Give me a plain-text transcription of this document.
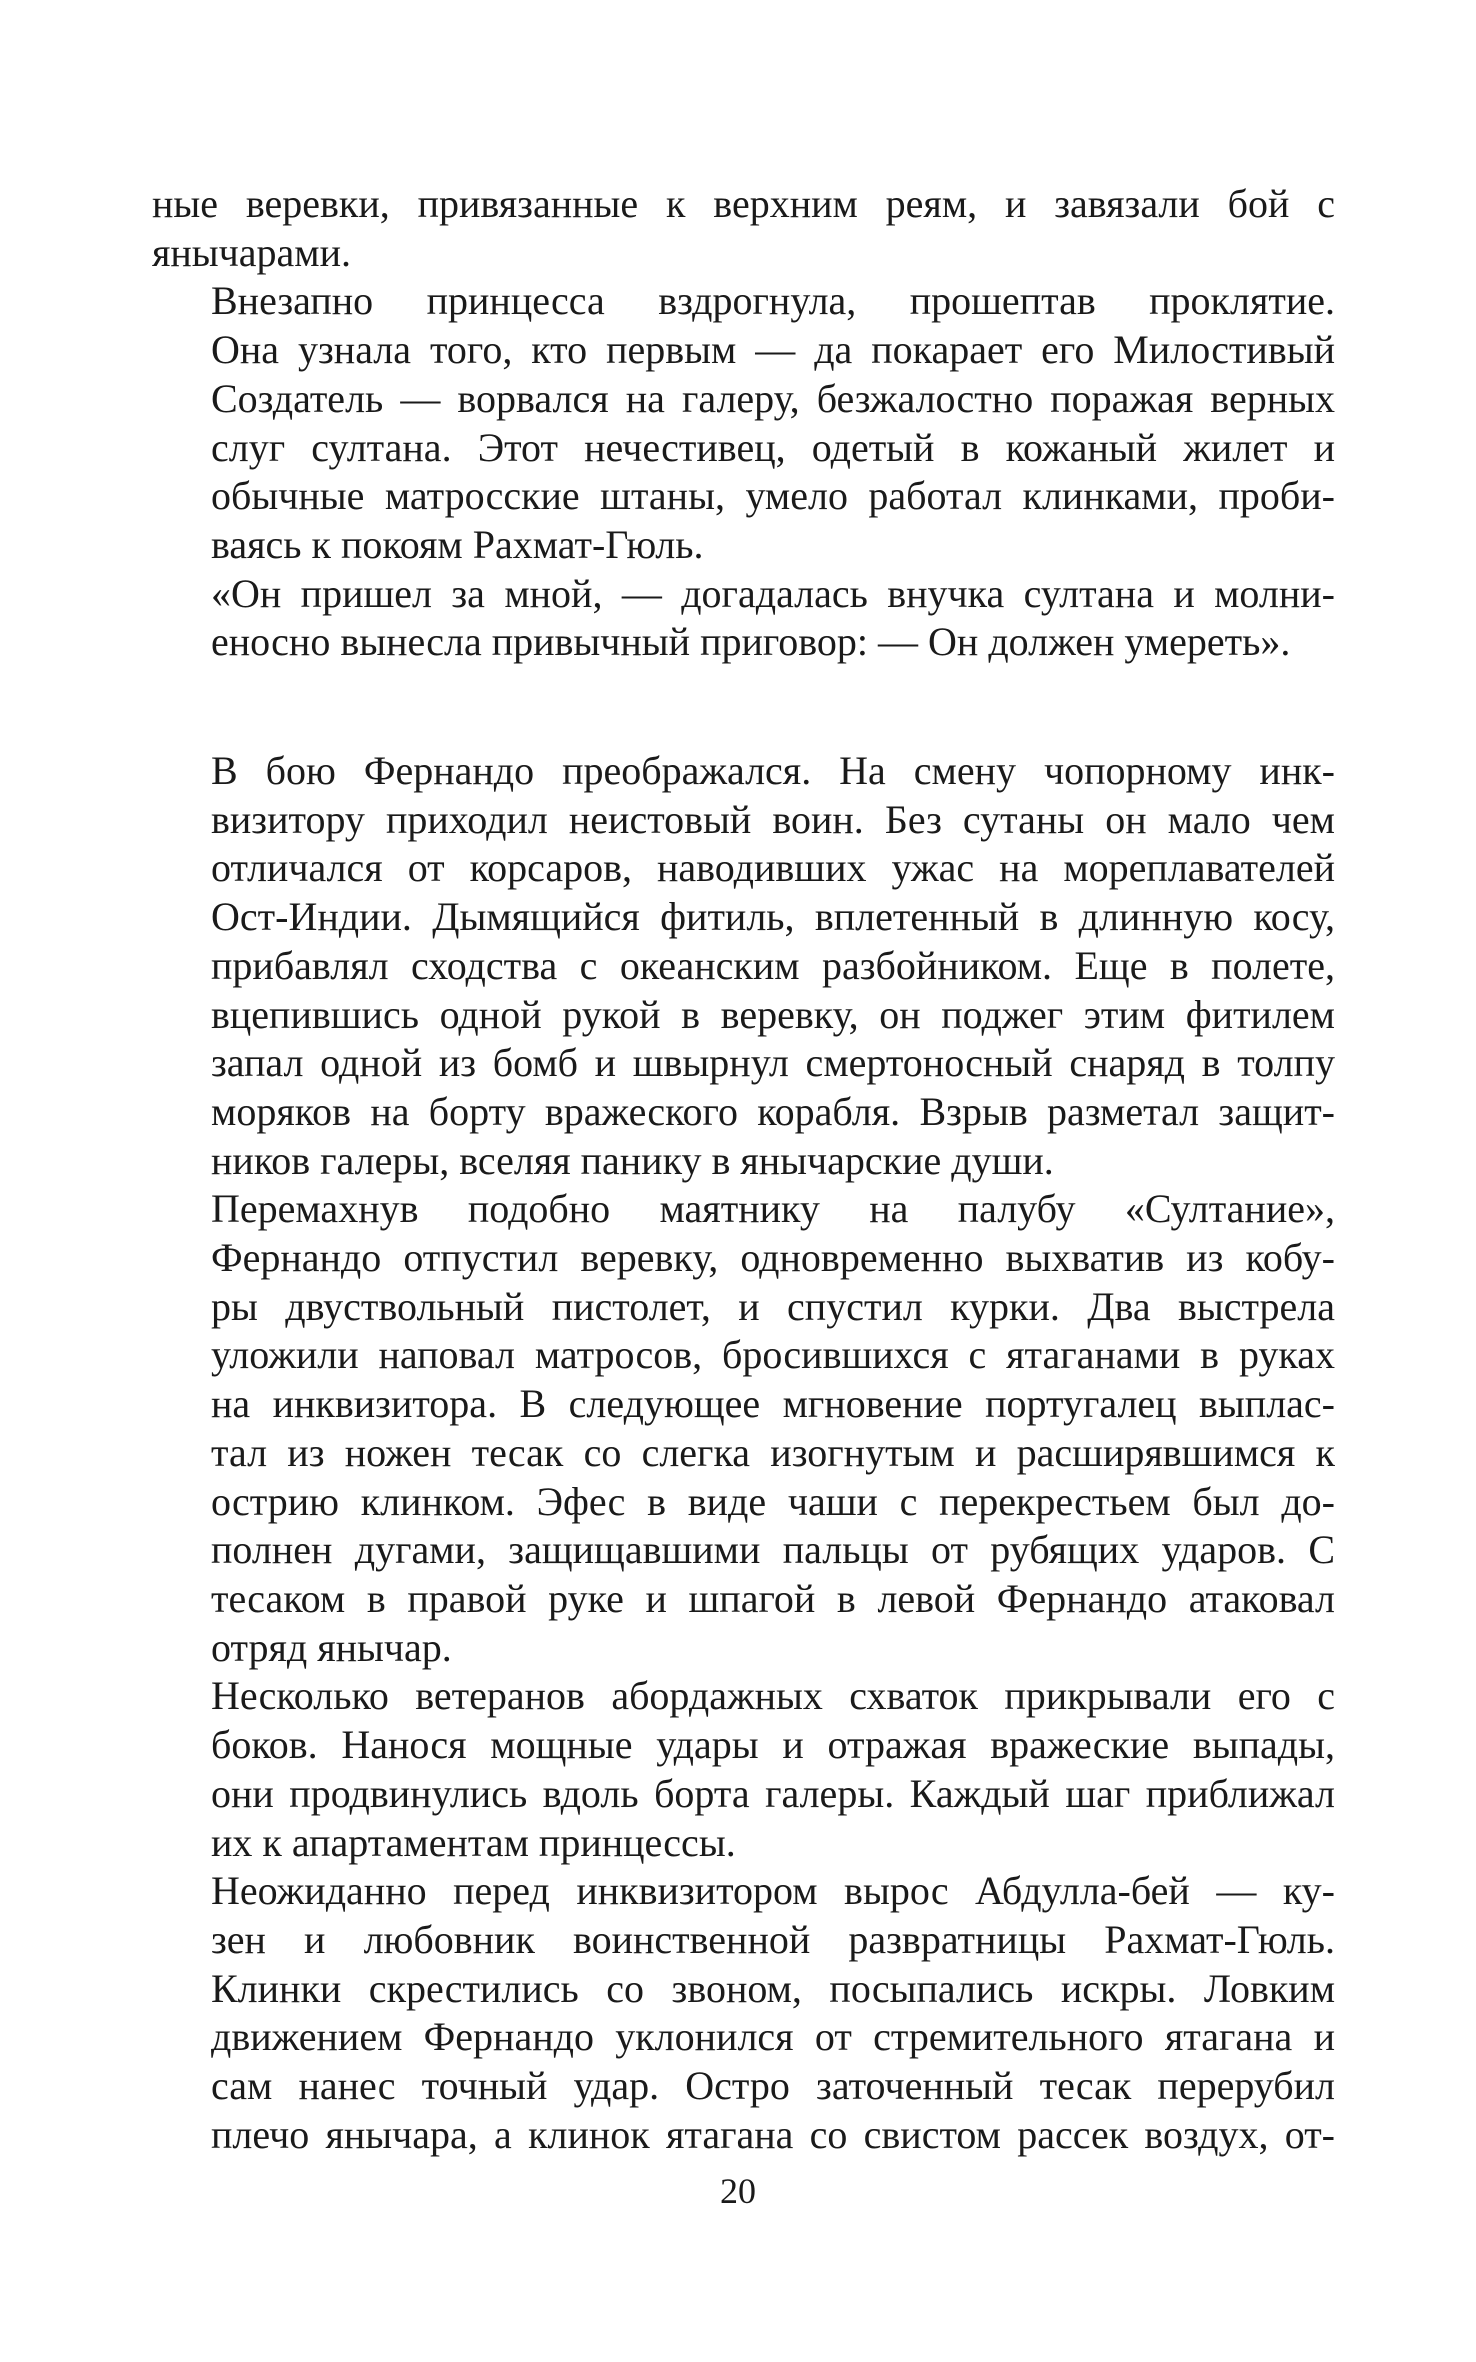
ные веревки, привязанные к верхним реям, и завязали бой с
янычарами.

Внезапно принцесса вздрогнула, прошептав проклятие.
Она узнала того, кто первым — да покарает его Милостивый
Создатель — ворвался на галеру, безжалостно поражая верных
слуг султана. Этот нечестивец, одетый в кожаный жилет и
обычные матросские штаны, умело работал клинками, проби-
ваясь к покоям Рахмат-Гюль.

«Он пришел за мной, — догадалась внучка султана и молни-
еносно вынесла привычный приговор: — Он должен умереть».

В бою Фернандо преображался. На смену чопорному инк-
визитору приходил неистовый воин. Без сутаны он мало чем
отличался от корсаров, наводивших ужас на мореплавателей
Ост-Индии. Дымящийся фитиль, вплетенный в длинную косу,
прибавлял сходства с океанским разбойником. Еще в полете,
вцепившись одной рукой в веревку, он поджег этим фитилем
запал одной из бомб и швырнул смертоносный снаряд в толпу
моряков на борту вражеского корабля. Взрыв разметал защит-
ников галеры, вселяя панику в янычарские души.

Перемахнув подобно маятнику на палубу «Султание»,
Фернандо отпустил веревку, одновременно выхватив из кобу-
ры двуствольный пистолет, и спустил курки. Два выстрела
уложили наповал матросов, бросившихся с ятаганами в руках
на инквизитора. В следующее мгновение португалец выплас-
тал из ножен тесак со слегка изогнутым и расширявшимся к
острию клинком. Эфес в виде чаши с перекрестьем был до-
полнен дугами, защищавшими пальцы от рубящих ударов. С
тесаком в правой руке и шпагой в левой Фернандо атаковал
отряд янычар.

Несколько ветеранов абордажных схваток прикрывали его с
боков. Нанося мощные удары и отражая вражеские выпады,
они продвинулись вдоль борта галеры. Каждый шаг приближал
их к апартаментам принцессы.

Неожиданно перед инквизитором вырос Абдулла-бей — ку-
зен и любовник воинственной развратницы Рахмат-Гюль.
Клинки скрестились со звоном, посыпались искры. Ловким
движением Фернандо уклонился от стремительного ятагана и
сам нанес точный удар. Остро заточенный тесак перерубил
плечо янычара, а клинок ятагана со свистом рассек воздух, от-

20
